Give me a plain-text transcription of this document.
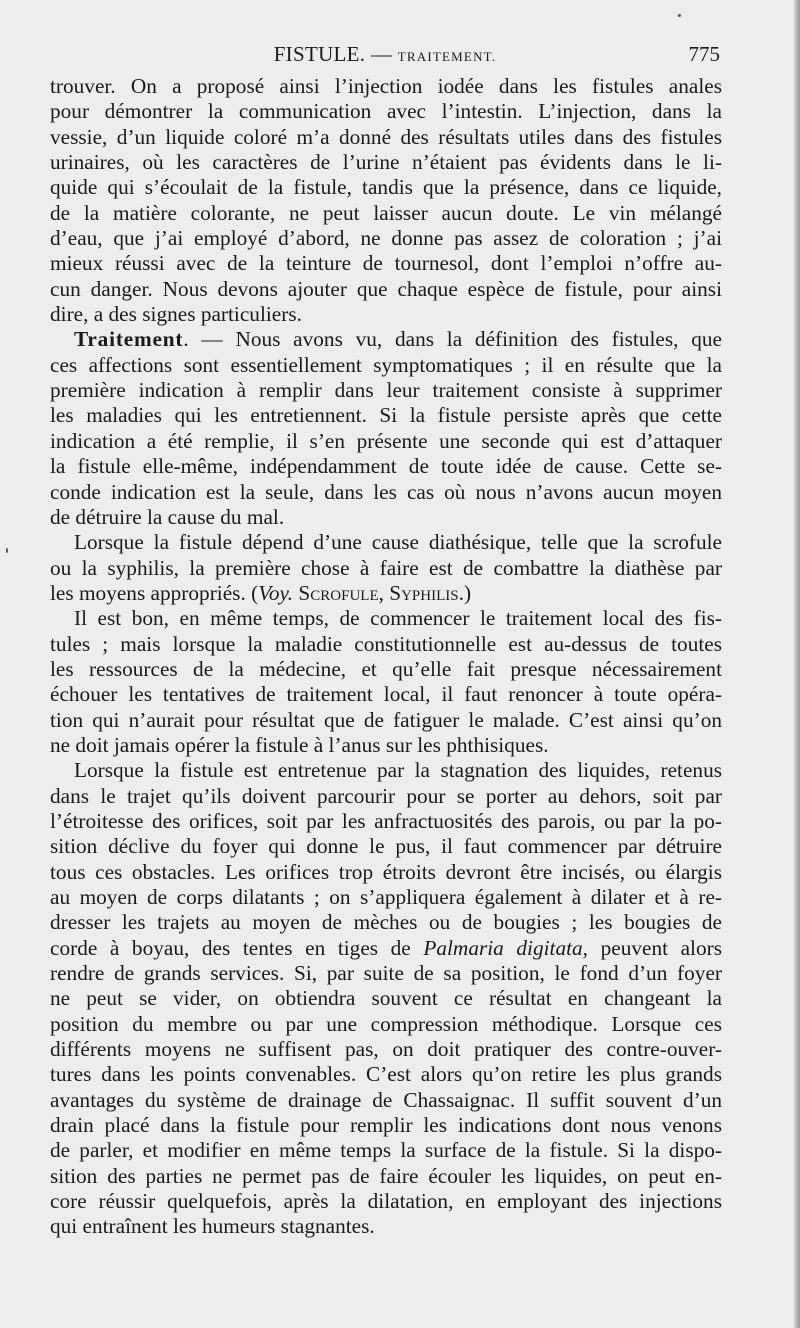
FISTULE. — TRAITEMENT.	775
trouver. On a proposé ainsi l’injection iodée dans les fistules anales
pour démontrer la communication avec l’intestin. L’injection, dans la
vessie, d’un liquide coloré m’a donné des résultats utiles dans des fistules
urinaires, où les caractères de l’urine n’étaient pas évidents dans le li-
quide qui s’écoulait de la fistule, tandis que la présence, dans ce liquide,
de la matière colorante, ne peut laisser aucun doute. Le vin mélangé
d’eau, que j’ai employé d’abord, ne donne pas assez de coloration ; j’ai
mieux réussi avec de la teinture de tournesol, dont l’emploi n’offre au-
cun danger. Nous devons ajouter que chaque espèce de fistule, pour ainsi
dire, a des signes particuliers.
Traitement. — Nous avons vu, dans la définition des fistules, que
ces affections sont essentiellement symptomatiques ; il en résulte que la
première indication à remplir dans leur traitement consiste à supprimer
les maladies qui les entretiennent. Si la fistule persiste après que cette
indication a été remplie, il s’en présente une seconde qui est d’attaquer
la fistule elle-même, indépendamment de toute idée de cause. Cette se-
conde indication est la seule, dans les cas où nous n’avons aucun moyen
de détruire la cause du mal.
Lorsque la fistule dépend d’une cause diathésique, telle que la scrofule
ou la syphilis, la première chose à faire est de combattre la diathèse par
les moyens appropriés. (Voy. Scrofule, Syphilis.)
Il est bon, en même temps, de commencer le traitement local des fis-
tules ; mais lorsque la maladie constitutionnelle est au-dessus de toutes
les ressources de la médecine, et qu’elle fait presque nécessairement
échouer les tentatives de traitement local, il faut renoncer à toute opéra-
tion qui n’aurait pour résultat que de fatiguer le malade. C’est ainsi qu’on
ne doit jamais opérer la fistule à l’anus sur les phthisiques.
Lorsque la fistule est entretenue par la stagnation des liquides, retenus
dans le trajet qu’ils doivent parcourir pour se porter au dehors, soit par
l’étroitesse des orifices, soit par les anfractuosités des parois, ou par la po-
sition déclive du foyer qui donne le pus, il faut commencer par détruire
tous ces obstacles. Les orifices trop étroits devront être incisés, ou élargis
au moyen de corps dilatants ; on s’appliquera également à dilater et à re-
dresser les trajets au moyen de mèches ou de bougies ; les bougies de
corde à boyau, des tentes en tiges de Palmaria digitata, peuvent alors
rendre de grands services. Si, par suite de sa position, le fond d’un foyer
ne peut se vider, on obtiendra souvent ce résultat en changeant la
position du membre ou par une compression méthodique. Lorsque ces
différents moyens ne suffisent pas, on doit pratiquer des contre-ouver-
tures dans les points convenables. C’est alors qu’on retire les plus grands
avantages du système de drainage de Chassaignac. Il suffit souvent d’un
drain placé dans la fistule pour remplir les indications dont nous venons
de parler, et modifier en même temps la surface de la fistule. Si la dispo-
sition des parties ne permet pas de faire écouler les liquides, on peut en-
core réussir quelquefois, après la dilatation, en employant des injections
qui entraînent les humeurs stagnantes.
